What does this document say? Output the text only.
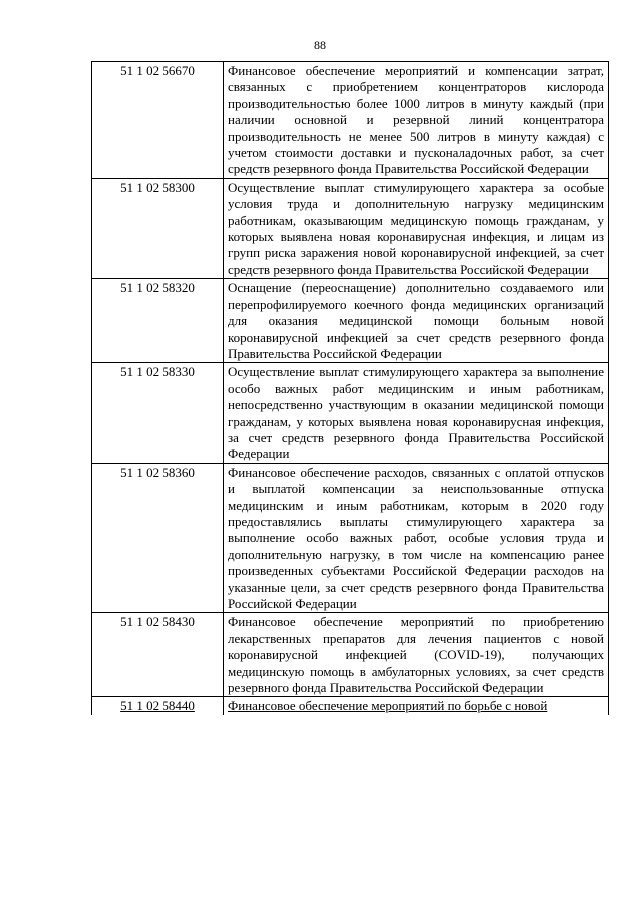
88
51 1 02 56670	Финансовое обеспечение мероприятий и компенсации затрат, связанных с приобретением концентраторов кислорода производительностью более 1000 литров в минуту каждый (при наличии основной и резервной линий концентратора производительность не менее 500 литров в минуту каждая) с учетом стоимости доставки и пусконаладочных работ, за счет средств резервного фонда Правительства Российской Федерации
51 1 02 58300	Осуществление выплат стимулирующего характера за особые условия труда и дополнительную нагрузку медицинским работникам, оказывающим медицинскую помощь гражданам, у которых выявлена новая коронавирусная инфекция, и лицам из групп риска заражения новой коронавирусной инфекцией, за счет средств резервного фонда Правительства Российской Федерации
51 1 02 58320	Оснащение (переоснащение) дополнительно создаваемого или перепрофилируемого коечного фонда медицинских организаций для оказания медицинской помощи больным новой коронавирусной инфекцией за счет средств резервного фонда Правительства Российской Федерации
51 1 02 58330	Осуществление выплат стимулирующего характера за выполнение особо важных работ медицинским и иным работникам, непосредственно участвующим в оказании медицинской помощи гражданам, у которых выявлена новая коронавирусная инфекция, за счет средств резервного фонда Правительства Российской Федерации
51 1 02 58360	Финансовое обеспечение расходов, связанных с оплатой отпусков и выплатой компенсации за неиспользованные отпуска медицинским и иным работникам, которым в 2020 году предоставлялись выплаты стимулирующего характера за выполнение особо важных работ, особые условия труда и дополнительную нагрузку, в том числе на компенсацию ранее произведенных субъектами Российской Федерации расходов на указанные цели, за счет средств резервного фонда Правительства Российской Федерации
51 1 02 58430	Финансовое обеспечение мероприятий по приобретению лекарственных препаратов для лечения пациентов с новой коронавирусной инфекцией (COVID-19), получающих медицинскую помощь в амбулаторных условиях, за счет средств резервного фонда Правительства Российской Федерации
51 1 02 58440	Финансовое обеспечение мероприятий по борьбе с новой
